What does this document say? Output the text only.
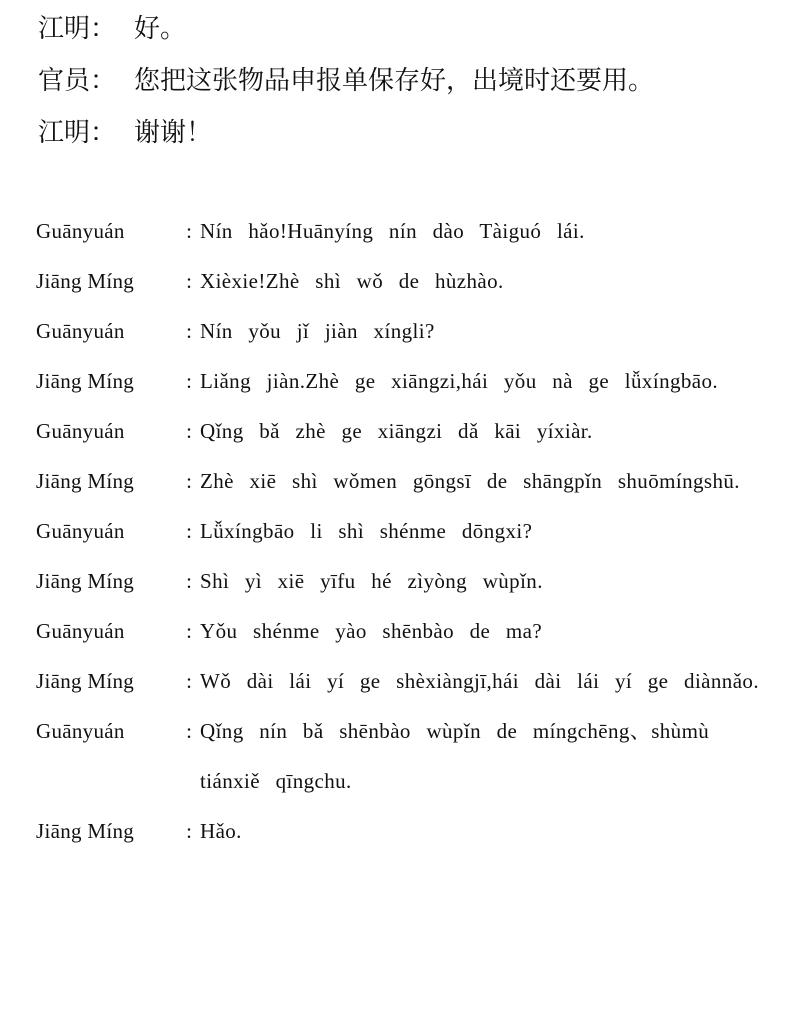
江明： 好。
官员： 您把这张物品申报单保存好，出境时还要用。
江明： 谢谢！
Guānyuán	: Nín hǎo!Huānyíng nín dào Tàiguó lái.
Jiāng Míng	: Xièxie!Zhè shì wǒ de hùzhào.
Guānyuán	: Nín yǒu jǐ jiàn xíngli?
Jiāng Míng	: Liǎng jiàn.Zhè ge xiāngzi,hái yǒu nà ge lǚxíngbāo.
Guānyuán	: Qǐng bǎ zhè ge xiāngzi dǎ kāi yíxiàr.
Jiāng Míng	: Zhè xiē shì wǒmen gōngsī de shāngpǐn shuōmíngshū.
Guānyuán	: Lǚxíngbāo li shì shénme dōngxi?
Jiāng Míng	: Shì yì xiē yīfu hé zìyòng wùpǐn.
Guānyuán	: Yǒu shénme yào shēnbào de ma?
Jiāng Míng	: Wǒ dài lái yí ge shèxiàngjī,hái dài lái yí ge diànnǎo.
Guānyuán	: Qǐng nín bǎ shēnbào wùpǐn de míngchēng、shùmù tiánxiě qīngchu.
Jiāng Míng	: Hǎo.
